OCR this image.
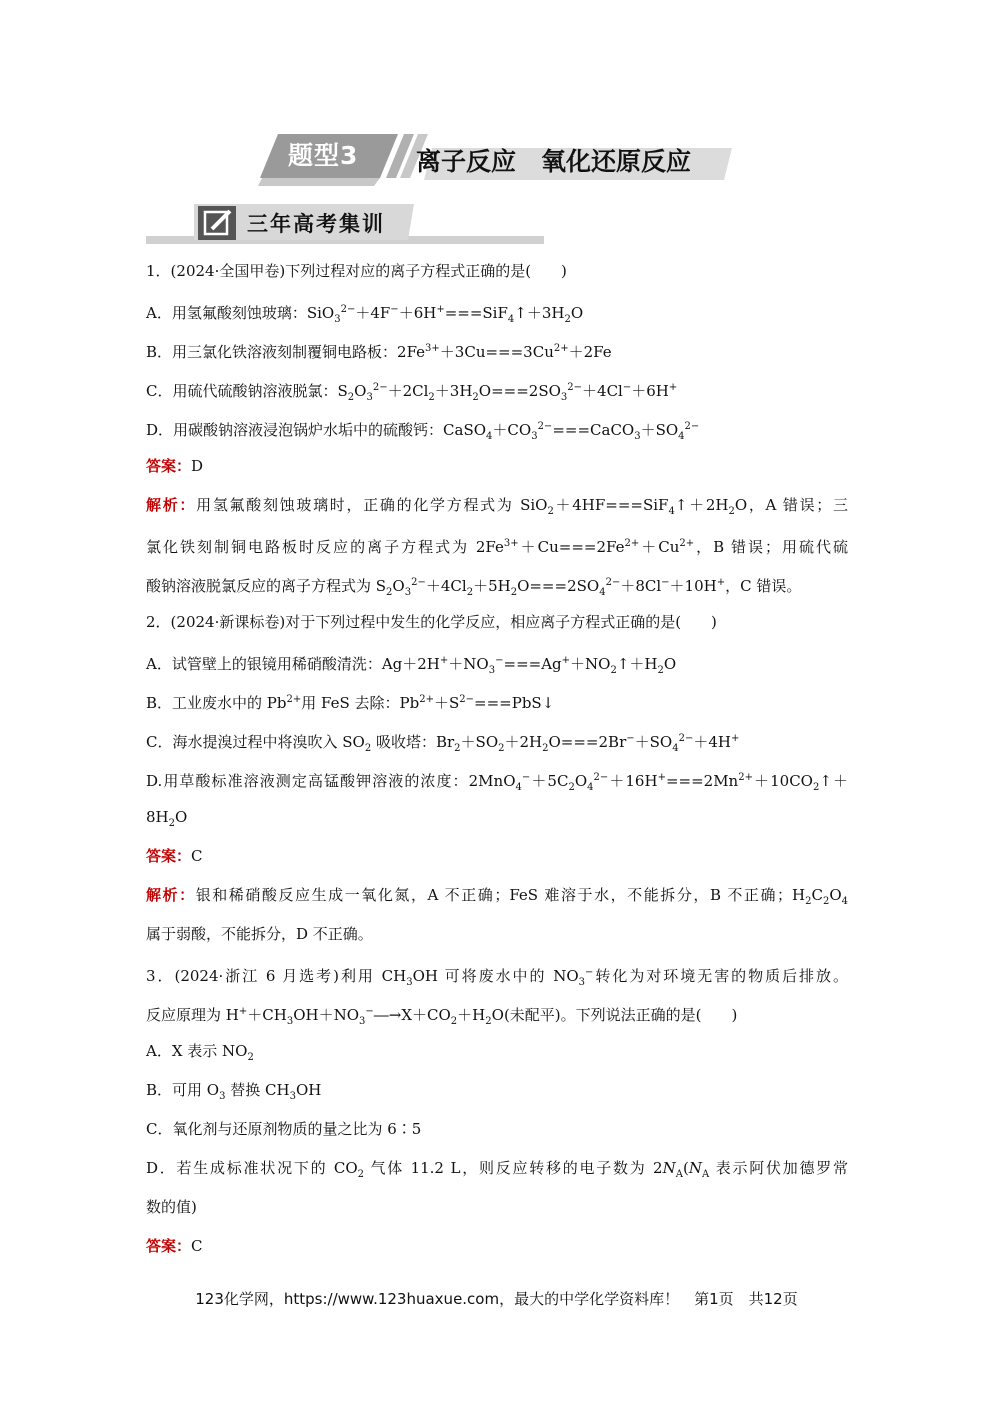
题型3 离子反应　氧化还原反应
三年高考集训
1．(2024·全国甲卷)下列过程对应的离子方程式正确的是(　　)
A．用氢氟酸刻蚀玻璃：$SiO_3^{2-}+4F^-+6H^+===SiF_4↑+3H_2O$
B．用三氯化铁溶液刻制覆铜电路板：$2Fe^{3+}+3Cu===3Cu^{2+}+2Fe$
C．用硫代硫酸钠溶液脱氯：$S_2O_3^{2-}+2Cl_2+3H_2O===2SO_3^{2-}+4Cl^-+6H^+$
D．用碳酸钠溶液浸泡锅炉水垢中的硫酸钙：$CaSO_4+CO_3^{2-}===CaCO_3+SO_4^{2-}$
答案：D
解析：用氢氟酸刻蚀玻璃时，正确的化学方程式为 $SiO_2+4HF===SiF_4↑+2H_2O$，A 错误；三
氯化铁刻制铜电路板时反应的离子方程式为 $2Fe^{3+}+Cu===2Fe^{2+}+Cu^{2+}$，B 错误；用硫代硫
酸钠溶液脱氯反应的离子方程式为 $S_2O_3^{2-}+4Cl_2+5H_2O===2SO_4^{2-}+8Cl^-+10H^+$，C 错误。
2．(2024·新课标卷)对于下列过程中发生的化学反应，相应离子方程式正确的是(　　)
A．试管壁上的银镜用稀硝酸清洗：$Ag+2H^++NO_3^-===Ag^++NO_2↑+H_2O$
B．工业废水中的 $Pb^{2+}$用 FeS 去除：$Pb^{2+}+S^{2-}===PbS↓$
C．海水提溴过程中将溴吹入 $SO_2$ 吸收塔：$Br_2+SO_2+2H_2O===2Br^-+SO_4^{2-}+4H^+$
D.用草酸标准溶液测定高锰酸钾溶液的浓度：$2MnO_4^-+5C_2O_4^{2-}+16H^+===2Mn^{2+}+10CO_2↑+$
$8H_2O$
答案：C
解析：银和稀硝酸反应生成一氧化氮，A 不正确；FeS 难溶于水，不能拆分，B 不正确；$H_2C_2O_4$
属于弱酸，不能拆分，D 不正确。
3．(2024·浙江 6 月选考)利用 $CH_3OH$ 可将废水中的 $NO_3^-$转化为对环境无害的物质后排放。
反应原理为 $H^++CH_3OH+NO_3^-―\to X+CO_2+H_2O$(未配平)。下列说法正确的是(　　)
A．X 表示 $NO_2$
B．可用 $O_3$ 替换 $CH_3OH$
C．氧化剂与还原剂物质的量之比为 6∶5
D．若生成标准状况下的 $CO_2$ 气体 11.2 L，则反应转移的电子数为 $2N_A(N_A$ 表示阿伏加德罗常
数的值)
答案：C
123化学网，https://www.123huaxue.com，最大的中学化学资料库！　第1页　共12页
